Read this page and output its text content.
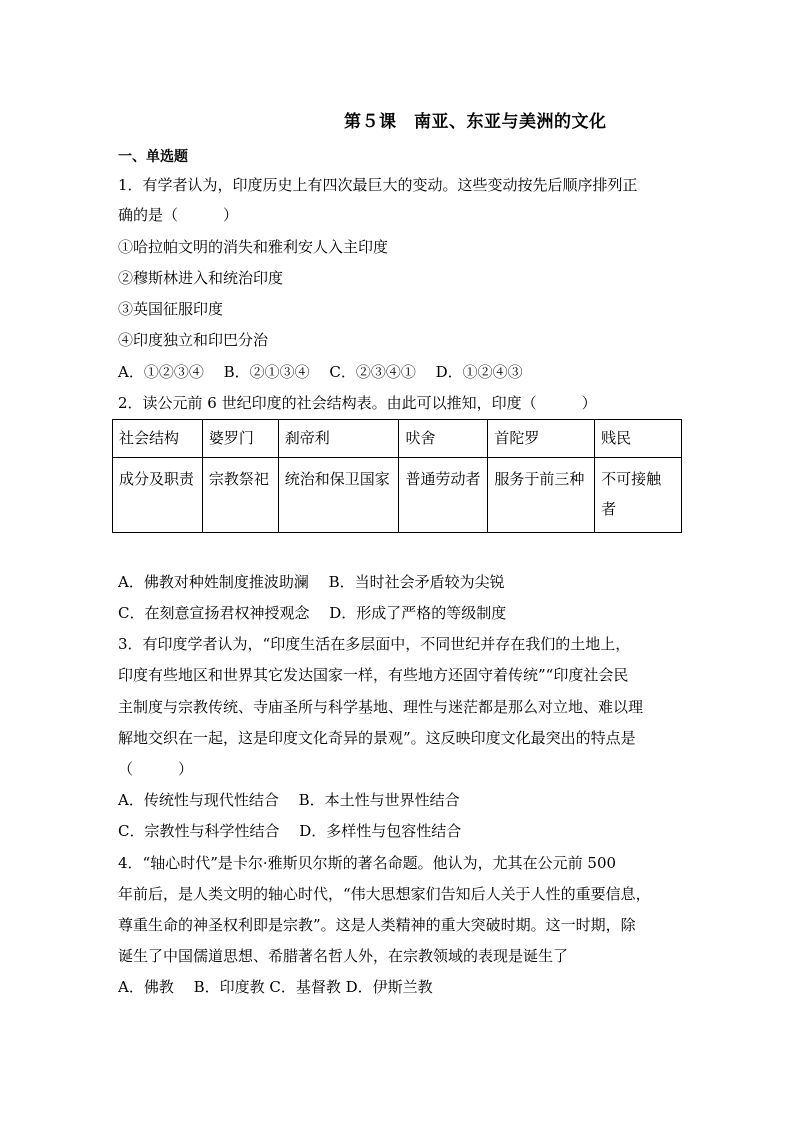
第５课　南亚、东亚与美洲的文化
一、单选题
1．有学者认为，印度历史上有四次最巨大的变动。这些变动按先后顺序排列正
确的是（　　　）
①哈拉帕文明的消失和雅利安人入主印度
②穆斯林进入和统治印度
③英国征服印度
④印度独立和印巴分治
A．①②③④　 B．②①③④　 C．②③④①　 D．①②④③
2．读公元前 6 世纪印度的社会结构表。由此可以推知，印度（　　　）
社会结构	婆罗门	刹帝利	吠舍	首陀罗	贱民
成分及职责	宗教祭祀	统治和保卫国家	普通劳动者	服务于前三种	不可接触者
A．佛教对种姓制度推波助澜　 B．当时社会矛盾较为尖锐
C．在刻意宣扬君权神授观念　 D．形成了严格的等级制度
3．有印度学者认为，“印度生活在多层面中，不同世纪并存在我们的土地上，
印度有些地区和世界其它发达国家一样，有些地方还固守着传统”“印度社会民
主制度与宗教传统、寺庙圣所与科学基地、理性与迷茫都是那么对立地、难以理
解地交织在一起，这是印度文化奇异的景观”。这反映印度文化最突出的特点是
（　　　）
A．传统性与现代性结合　 B．本土性与世界性结合
C．宗教性与科学性结合　 D．多样性与包容性结合
4．“轴心时代”是卡尔·雅斯贝尔斯的著名命题。他认为，尤其在公元前 500
年前后，是人类文明的轴心时代，“伟大思想家们告知后人关于人性的重要信息，
尊重生命的神圣权利即是宗教”。这是人类精神的重大突破时期。这一时期，除
诞生了中国儒道思想、希腊著名哲人外，在宗教领域的表现是诞生了
A．佛教　 B．印度教 C．基督教 D．伊斯兰教
